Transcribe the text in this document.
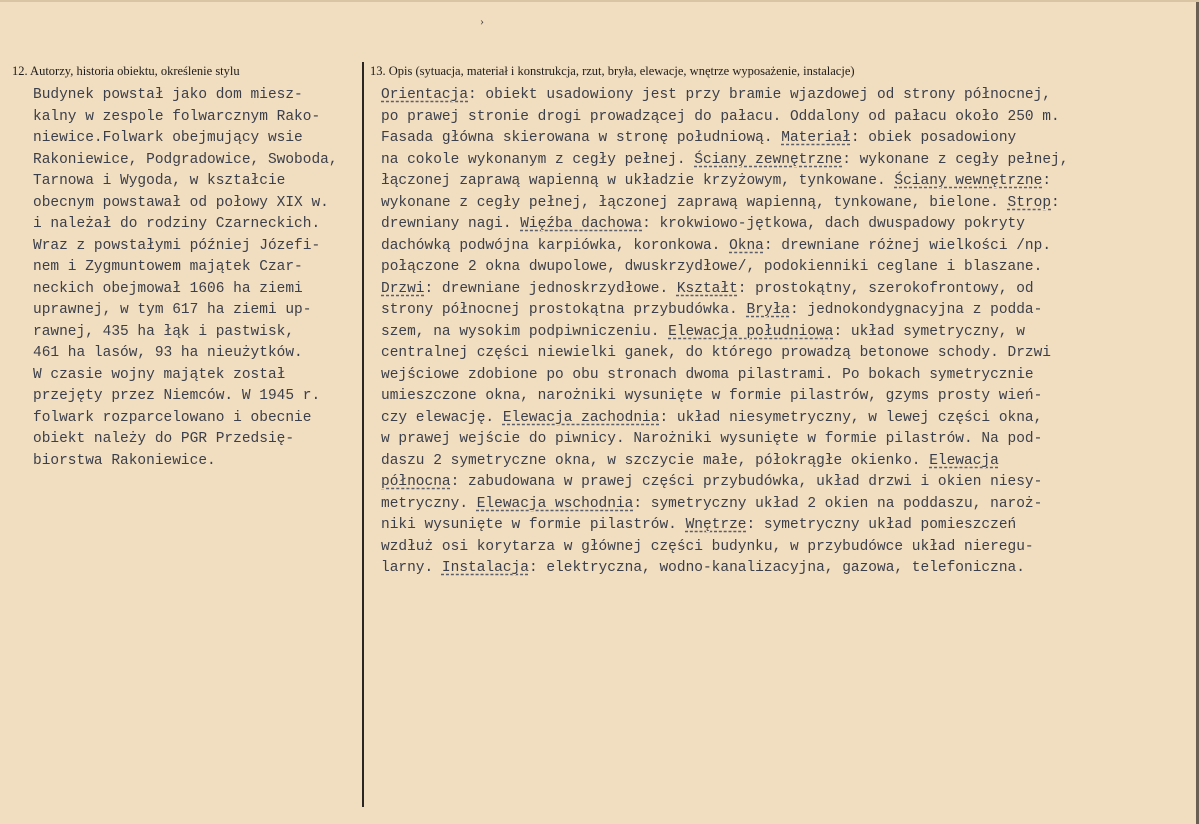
›
12. Autorzy, historia obiektu, określenie stylu	13. Opis (sytuacja, materiał i konstrukcja, rzut, bryła, elewacje, wnętrze wyposażenie, instalacje)
Budynek powstał jako dom miesz-
kalny w zespole folwarcznym Rako-
niewice.Folwark obejmujący wsie
Rakoniewice, Podgradowice, Swoboda,
Tarnowa i Wygoda, w kształcie
obecnym powstawał od połowy XIX w.
i należał do rodziny Czarneckich.
Wraz z powstałymi później Józefi-
nem i Zygmuntowem majątek Czar-
neckich obejmował 1606 ha ziemi
uprawnej, w tym 617 ha ziemi up-
rawnej, 435 ha łąk i pastwisk,
461 ha lasów, 93 ha nieużytków.
W czasie wojny majątek został
przejęty przez Niemców. W 1945 r.
folwark rozparcelowano i obecnie
obiekt należy do PGR Przedsię-
biorstwa Rakoniewice.
Orientacja: obiekt usadowiony jest przy bramie wjazdowej od strony północnej,
po prawej stronie drogi prowadzącej do pałacu. Oddalony od pałacu około 250 m.
Fasada główna skierowana w stronę południową. Materiał: obiek posadowiony
na cokole wykonanym z cegły pełnej. Ściany zewnętrzne: wykonane z cegły pełnej,
łączonej zaprawą wapienną w układzie krzyżowym, tynkowane. Ściany wewnętrzne:
wykonane z cegły pełnej, łączonej zaprawą wapienną, tynkowane, bielone. Strop:
drewniany nagi. Więźba dachowa: krokwiowo-jętkowa, dach dwuspadowy pokryty
dachówką podwójna karpiówka, koronkowa. Okna: drewniane różnej wielkości /np.
połączone 2 okna dwupolowe, dwuskrzydłowe/, podokienniki ceglane i blaszane.
Drzwi: drewniane jednoskrzydłowe. Kształt: prostokątny, szerokofrontowy, od
strony północnej prostokątna przybudówka. Bryła: jednokondygnacyjna z podda-
szem, na wysokim podpiwniczeniu. Elewacja południowa: układ symetryczny, w
centralnej części niewielki ganek, do którego prowadzą betonowe schody. Drzwi
wejściowe zdobione po obu stronach dwoma pilastrami. Po bokach symetrycznie
umieszczone okna, narożniki wysunięte w formie pilastrów, gzyms prosty wień-
czy elewację. Elewacja zachodnia: układ niesymetryczny, w lewej części okna,
w prawej wejście do piwnicy. Narożniki wysunięte w formie pilastrów. Na pod-
daszu 2 symetryczne okna, w szczycie małe, półokrągłe okienko. Elewacja
północna: zabudowana w prawej części przybudówka, układ drzwi i okien niesy-
metryczny. Elewacja wschodnia: symetryczny układ 2 okien na poddaszu, naroż-
niki wysunięte w formie pilastrów. Wnętrze: symetryczny układ pomieszczeń
wzdłuż osi korytarza w głównej części budynku, w przybudówce układ nieregu-
larny. Instalacja: elektryczna, wodno-kanalizacyjna, gazowa, telefoniczna.
